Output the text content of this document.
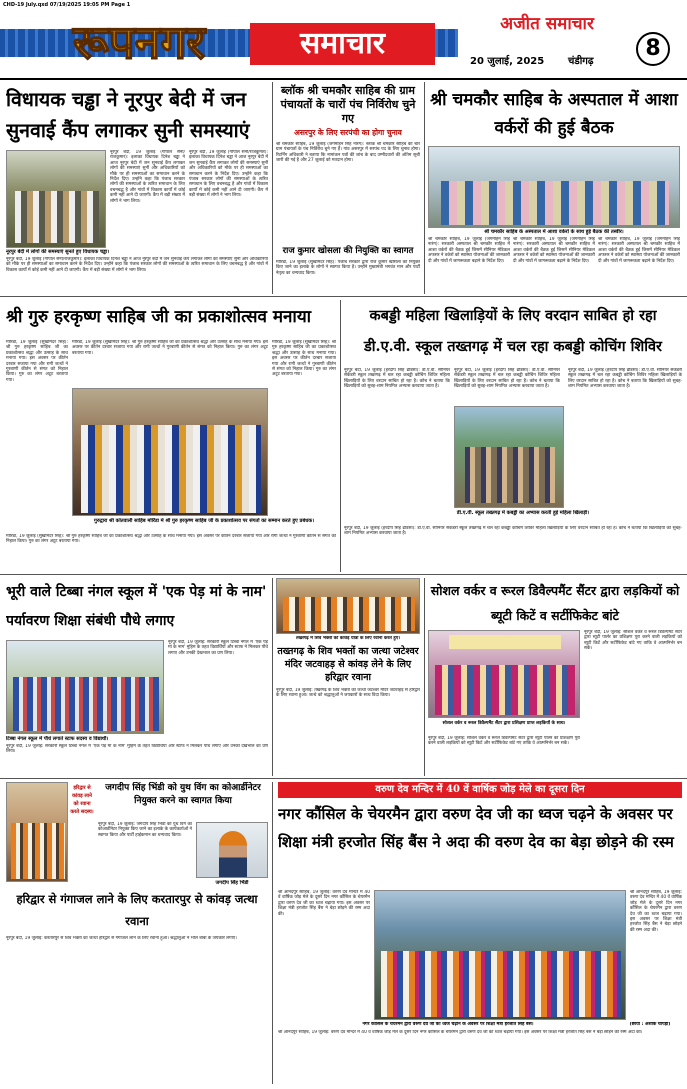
CHD-19 July.qxd 07/19/2025 19:05 PM Page 1
रूपनगर	समाचार
अजीत समाचार
20 जुलाई, 2025	चंडीगढ़
8
विधायक चड्ढा ने नूरपुर बेदी में जन सुनवाई कैंप लगाकर सुनी समस्याएं
नूरपुर बेदी में लोगों की समस्याएं सुनते हुए विधायक चड्ढा।
नूरपुर बेदी, 19 जुलाई (गोपाल सैनी/राजकुमार): इलाका विधायक दिनेश चड्ढा ने आज नूरपुर बेदी में जन सुनवाई कैंप लगाकर लोगों की समस्याएं सुनीं और अधिकारियों को मौके पर ही समस्याओं का समाधान करने के निर्देश दिए। उन्होंने कहा कि पंजाब सरकार लोगों की समस्याओं के त्वरित समाधान के लिए वचनबद्ध है और गांवों में विकास कार्यों में कोई कमी नहीं आने दी जाएगी। कैंप में बड़ी संख्या में लोगों ने भाग लिया।
नूरपुर बेदी, 19 जुलाई (गोपाल सैनी/राजकुमार): इलाका विधायक दिनेश चड्ढा ने आज नूरपुर बेदी में जन सुनवाई कैंप लगाकर लोगों की समस्याएं सुनीं और अधिकारियों को मौके पर ही समस्याओं का समाधान करने के निर्देश दिए। उन्होंने कहा कि पंजाब सरकार लोगों की समस्याओं के त्वरित समाधान के लिए वचनबद्ध है और गांवों में विकास कार्यों में कोई कमी नहीं आने दी जाएगी। कैंप में बड़ी संख्या में लोगों ने भाग लिया।
नूरपुर बेदी, 19 जुलाई (गोपाल सैनी/राजकुमार): इलाका विधायक दिनेश चड्ढा ने आज नूरपुर बेदी में जन सुनवाई कैंप लगाकर लोगों की समस्याएं सुनीं और अधिकारियों को मौके पर ही समस्याओं का समाधान करने के निर्देश दिए। उन्होंने कहा कि पंजाब सरकार लोगों की समस्याओं के त्वरित समाधान के लिए वचनबद्ध है और गांवों में विकास कार्यों में कोई कमी नहीं आने दी जाएगी। कैंप में बड़ी संख्या में लोगों ने भाग लिया।
ब्लॉक श्री चमकौर साहिब की ग्राम पंचायतों के चारों पंच निर्विरोध चुने गए
असरपुर के लिए सरपंची का होगा चुनाव
श्री चमकौर साहिब, 19 जुलाई (जगमोहन सिंह नारंग): ब्लॉक श्री चमकौर साहिब की चार ग्राम पंचायतों के पंच निर्विरोध चुने गए हैं। गांव असरपुर में सरपंच पद के लिए चुनाव होगा। रिटर्निंग अधिकारी ने बताया कि नामांकन पत्रों की जांच के बाद उम्मीदवारों की अंतिम सूची जारी की गई है और 27 जुलाई को मतदान होगा।
राज कुमार खोसला की नियुक्ति का स्वागत
मोरिंडा, 19 जुलाई (सुखमिंदर सिंह): पंजाब सरकार द्वारा राज कुमार खोसला को नियुक्त किए जाने का इलाके के लोगों ने स्वागत किया है। उन्होंने मुख्यमंत्री भगवंत मान और पार्टी नेतृत्व का धन्यवाद किया।
श्री चमकौर साहिब के अस्पताल में आशा वर्करों की हुई बैठक
श्री चमकौर साहिब के अस्पताल में आशा वर्करों के साथ हुई बैठक की तस्वीर।
श्री चमकौर साहिब, 19 जुलाई (जगमोहन सिंह नारंग): सरकारी अस्पताल श्री चमकौर साहिब में आशा वर्करों की बैठक हुई जिसमें सीनियर मेडिकल अफसर ने वर्करों को स्वास्थ्य योजनाओं की जानकारी दी और गांवों में जागरूकता बढ़ाने के निर्देश दिए।
श्री चमकौर साहिब, 19 जुलाई (जगमोहन सिंह नारंग): सरकारी अस्पताल श्री चमकौर साहिब में आशा वर्करों की बैठक हुई जिसमें सीनियर मेडिकल अफसर ने वर्करों को स्वास्थ्य योजनाओं की जानकारी दी और गांवों में जागरूकता बढ़ाने के निर्देश दिए।
श्री चमकौर साहिब, 19 जुलाई (जगमोहन सिंह नारंग): सरकारी अस्पताल श्री चमकौर साहिब में आशा वर्करों की बैठक हुई जिसमें सीनियर मेडिकल अफसर ने वर्करों को स्वास्थ्य योजनाओं की जानकारी दी और गांवों में जागरूकता बढ़ाने के निर्देश दिए।
श्री गुरु हरकृष्ण साहिब जी का प्रकाशोत्सव मनाया
मोरिंडा, 19 जुलाई (सुखमिंदर सिंह): श्री गुरु हरकृष्ण साहिब जी का प्रकाशोत्सव श्रद्धा और उत्साह के साथ मनाया गया। इस अवसर पर कीर्तन दरबार सजाया गया और रागी जत्थों ने गुरबाणी कीर्तन से संगत को निहाल किया। गुरु का लंगर अटूट बरताया गया।
मोरिंडा, 19 जुलाई (सुखमिंदर सिंह): श्री गुरु हरकृष्ण साहिब जी का प्रकाशोत्सव श्रद्धा और उत्साह के साथ मनाया गया। इस अवसर पर कीर्तन दरबार सजाया गया और रागी जत्थों ने गुरबाणी कीर्तन से संगत को निहाल किया। गुरु का लंगर अटूट बरताया गया।
मोरिंडा, 19 जुलाई (सुखमिंदर सिंह): श्री गुरु हरकृष्ण साहिब जी का प्रकाशोत्सव श्रद्धा और उत्साह के साथ मनाया गया। इस अवसर पर कीर्तन दरबार सजाया गया और रागी जत्थों ने गुरबाणी कीर्तन से संगत को निहाल किया। गुरु का लंगर अटूट बरताया गया।
गुरुद्वारा श्री कोतवाली साहिब मोरिंडा में श्री गुरु हरकृष्ण साहिब जी के प्रकाशोत्सव पर संगतों का सम्मान करते हुए प्रबंधक।
मोरिंडा, 19 जुलाई (सुखमिंदर सिंह): श्री गुरु हरकृष्ण साहिब जी का प्रकाशोत्सव श्रद्धा और उत्साह के साथ मनाया गया। इस अवसर पर कीर्तन दरबार सजाया गया और रागी जत्थों ने गुरबाणी कीर्तन से संगत को निहाल किया। गुरु का लंगर अटूट बरताया गया।
कबड्डी महिला खिलाड़ियों के लिए वरदान साबित हो रहा डी.ए.वी. स्कूल तख्तगढ़ में चल रहा कबड्डी कोचिंग शिविर
नूरपुर बेदी, 19 जुलाई (हरदीप सिंह ढींडसा): डी.ए.वी. सीनियर सेकेंडरी स्कूल तख्तगढ़ में चल रहा कबड्डी कोचिंग शिविर महिला खिलाड़ियों के लिए वरदान साबित हो रहा है। कोच ने बताया कि खिलाड़ियों को सुबह-शाम नियमित अभ्यास करवाया जाता है।
नूरपुर बेदी, 19 जुलाई (हरदीप सिंह ढींडसा): डी.ए.वी. सीनियर सेकेंडरी स्कूल तख्तगढ़ में चल रहा कबड्डी कोचिंग शिविर महिला खिलाड़ियों के लिए वरदान साबित हो रहा है। कोच ने बताया कि खिलाड़ियों को सुबह-शाम नियमित अभ्यास करवाया जाता है।
नूरपुर बेदी, 19 जुलाई (हरदीप सिंह ढींडसा): डी.ए.वी. सीनियर सेकेंडरी स्कूल तख्तगढ़ में चल रहा कबड्डी कोचिंग शिविर महिला खिलाड़ियों के लिए वरदान साबित हो रहा है। कोच ने बताया कि खिलाड़ियों को सुबह-शाम नियमित अभ्यास करवाया जाता है।
डी.ए.वी. स्कूल तख्तगढ़ में कबड्डी का अभ्यास करती हुई महिला खिलाड़ी।
नूरपुर बेदी, 19 जुलाई (हरदीप सिंह ढींडसा): डी.ए.वी. सीनियर सेकेंडरी स्कूल तख्तगढ़ में चल रहा कबड्डी कोचिंग शिविर महिला खिलाड़ियों के लिए वरदान साबित हो रहा है। कोच ने बताया कि खिलाड़ियों को सुबह-शाम नियमित अभ्यास करवाया जाता है।
भूरी वाले टिब्बा नंगल स्कूल में 'एक पेड़ मां के नाम' पर्यावरण शिक्षा संबंधी पौधे लगाए
टिब्बा नंगल स्कूल में पौधे लगाते स्टाफ सदस्य व विद्यार्थी।
नूरपुर बेदी, 19 जुलाई: सरकारी स्कूल टिब्बा नंगल में 'एक पेड़ मां के नाम' मुहिम के तहत विद्यार्थियों और स्टाफ ने मिलकर पौधे लगाए और उनकी देखभाल का प्रण लिया।
नूरपुर बेदी, 19 जुलाई: सरकारी स्कूल टिब्बा नंगल में 'एक पेड़ मां के नाम' मुहिम के तहत विद्यार्थियों और स्टाफ ने मिलकर पौधे लगाए और उनकी देखभाल का प्रण लिया।
तख्तगढ़ में शिव भक्तों को कांवड़ यात्रा के लिए रवाना करते हुए।
तख्तगढ़ के शिव भक्तों का जत्था जटेश्वर मंदिर जटवाहड़ से कांवड़ लेने के लिए हरिद्वार रवाना
नूरपुर बेदी, 19 जुलाई: तख्तगढ़ के शिव भक्तों का जत्था जटेश्वर मंदिर जटवाहड़ से हरिद्वार के लिए रवाना हुआ। जत्थे को श्रद्धालुओं ने जयकारों के साथ विदा किया।
सोशल वर्कर व रूरल डिवैल्पमैंट सैंटर द्वारा लड़कियों को ब्यूटी किटें व सर्टीफिकेट बांटे
सोशल वर्कर व रूरल डिवैल्पमैंट सैंटर द्वारा प्रशिक्षण प्राप्त लड़कियों के साथ।
नूरपुर बेदी, 19 जुलाई: सोशल वर्कर व रूरल डिवैल्पमैंट सैंटर द्वारा ब्यूटी पार्लर का प्रशिक्षण पूरा करने वाली लड़कियों को ब्यूटी किटें और सर्टीफिकेट बांटे गए ताकि वे आत्मनिर्भर बन सकें।
नूरपुर बेदी, 19 जुलाई: सोशल वर्कर व रूरल डिवैल्पमैंट सैंटर द्वारा ब्यूटी पार्लर का प्रशिक्षण पूरा करने वाली लड़कियों को ब्यूटी किटें और सर्टीफिकेट बांटे गए ताकि वे आत्मनिर्भर बन सकें।
हरिद्वार से कांवड़ लाने को रवाना करते सदस्य।
जगदीप सिंह भिंडी को युथ विंग का कोआर्डीनेटर नियुक्त करने का स्वागत किया
नूरपुर बेदी, 19 जुलाई: जगदीप सिंह भिंडी को युथ विंग का कोआर्डीनेटर नियुक्त किए जाने का इलाके के कार्यकर्ताओं ने स्वागत किया और पार्टी हाईकमान का धन्यवाद किया।
जगदीप सिंह भिंडी
हरिद्वार से गंगाजल लाने के लिए करतारपुर से कांवड़ जत्था रवाना
नूरपुर बेदी, 19 जुलाई: करतारपुर से शिव भक्तों का जत्था हरिद्वार से गंगाजल लाने के लिए रवाना हुआ। श्रद्धालुओं ने भोले बाबा के जयकारे लगाए।
वरुण देव मन्दिर में 40 वें वार्षिक जोड़ मेले का दूसरा दिन
नगर कौंसिल के चेयरमैन द्वारा वरुण देव जी का ध्वज चढ़ने के अवसर पर शिक्षा मंत्री हरजोत सिंह बैंस ने अदा की वरुण देव का बेड़ा छोड़ने की रस्म
श्री आनंदपुर साहिब, 19 जुलाई: वरुण देव मन्दिर में 40 वें वार्षिक जोड़ मेले के दूसरे दिन नगर कौंसिल के चेयरमैन द्वारा वरुण देव जी का ध्वज चढ़ाया गया। इस अवसर पर शिक्षा मंत्री हरजोत सिंह बैंस ने बेड़ा छोड़ने की रस्म अदा की।
श्री आनंदपुर साहिब, 19 जुलाई: वरुण देव मन्दिर में 40 वें वार्षिक जोड़ मेले के दूसरे दिन नगर कौंसिल के चेयरमैन द्वारा वरुण देव जी का ध्वज चढ़ाया गया। इस अवसर पर शिक्षा मंत्री हरजोत सिंह बैंस ने बेड़ा छोड़ने की रस्म अदा की।
नगर कौंसिल के चेयरमैन द्वारा वरुण देव जी का ध्वज चढ़ाने के अवसर पर शिक्षा मंत्री हरजोत सिंह बैंस।	(छाया : अशोक चोपड़ा)
श्री आनंदपुर साहिब, 19 जुलाई: वरुण देव मन्दिर में 40 वें वार्षिक जोड़ मेले के दूसरे दिन नगर कौंसिल के चेयरमैन द्वारा वरुण देव जी का ध्वज चढ़ाया गया। इस अवसर पर शिक्षा मंत्री हरजोत सिंह बैंस ने बेड़ा छोड़ने की रस्म अदा की।
